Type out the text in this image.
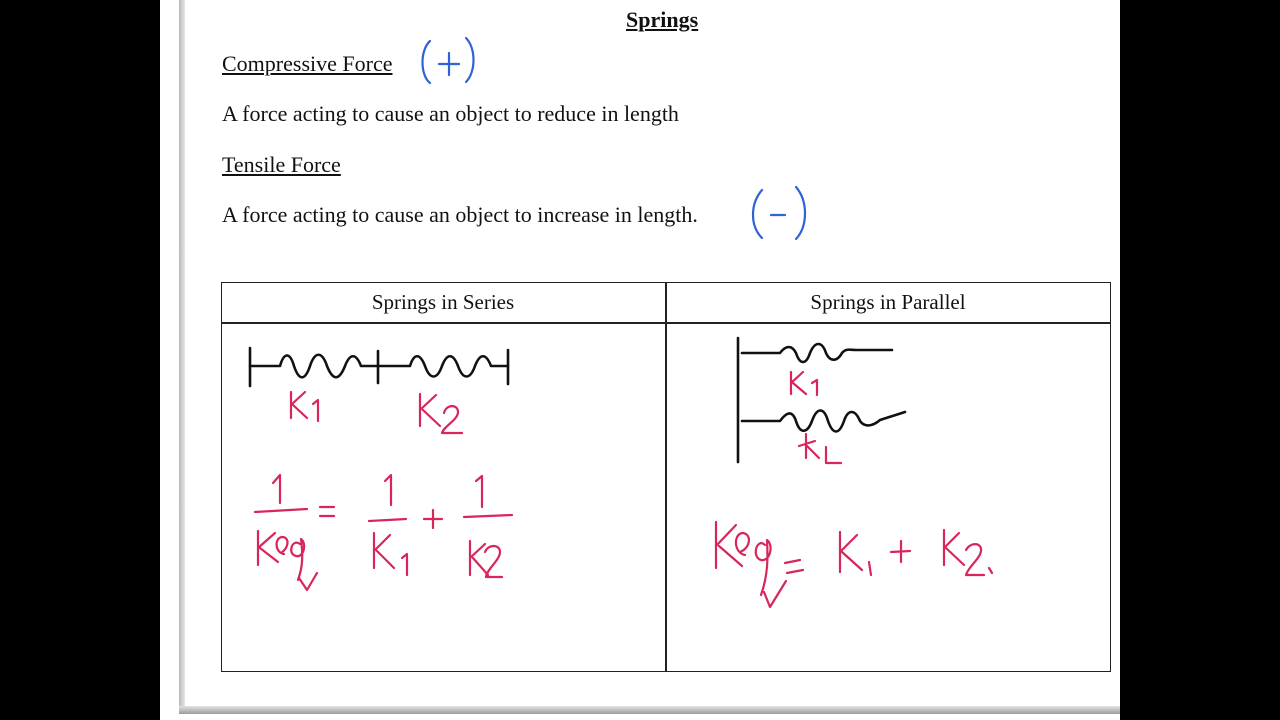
Springs
Compressive Force
A force acting to cause an object to reduce in length
Tensile Force
A force acting to cause an object to increase in length.
Springs in Series	Springs in Parallel
